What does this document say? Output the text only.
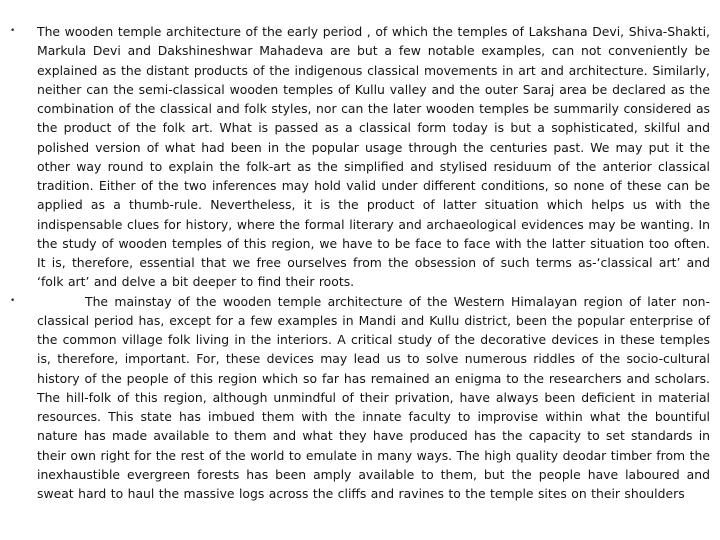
• The wooden temple architecture of the early period , of which the temples of Lakshana Devi, Shiva-Shakti, Markula Devi and Dakshineshwar Mahadeva are but a few notable examples, can not conveniently be explained as the distant products of the indigenous classical movements in art and architecture. Similarly, neither can the semi-classical wooden temples of Kullu valley and the outer Saraj area be declared as the combination of the classical and folk styles, nor can the later wooden temples be summarily considered as the product of the folk art. What is passed as a classical form today is but a sophisticated, skilful and polished version of what had been in the popular usage through the centuries past. We may put it the other way round to explain the folk-art as the simplified and stylised residuum of the anterior classical tradition. Either of the two inferences may hold valid under different conditions, so none of these can be applied as a thumb-rule. Nevertheless, it is the product of latter situation which helps us with the indispensable clues for history, where the formal literary and archaeological evidences may be wanting. In the study of wooden temples of this region, we have to be face to face with the latter situation too often. It is, therefore, essential that we free ourselves from the obsession of such terms as-‘classical art’ and ‘folk art’ and delve a bit deeper to find their roots.
•	The mainstay of the wooden temple architecture of the Western Himalayan region of later non-classical period has, except for a few examples in Mandi and Kullu district, been the popular enterprise of the common village folk living in the interiors. A critical study of the decorative devices in these temples is, therefore, important. For, these devices may lead us to solve numerous riddles of the socio-cultural history of the people of this region which so far has remained an enigma to the researchers and scholars. The hill-folk of this region, although unmindful of their privation, have always been deficient in material resources. This state has imbued them with the innate faculty to improvise within what the bountiful nature has made available to them and what they have produced has the capacity to set standards in their own right for the rest of the world to emulate in many ways. The high quality deodar timber from the inexhaustible evergreen forests has been amply available to them, but the people have laboured and sweat hard to haul the massive logs across the cliffs and ravines to the temple sites on their shoulders
